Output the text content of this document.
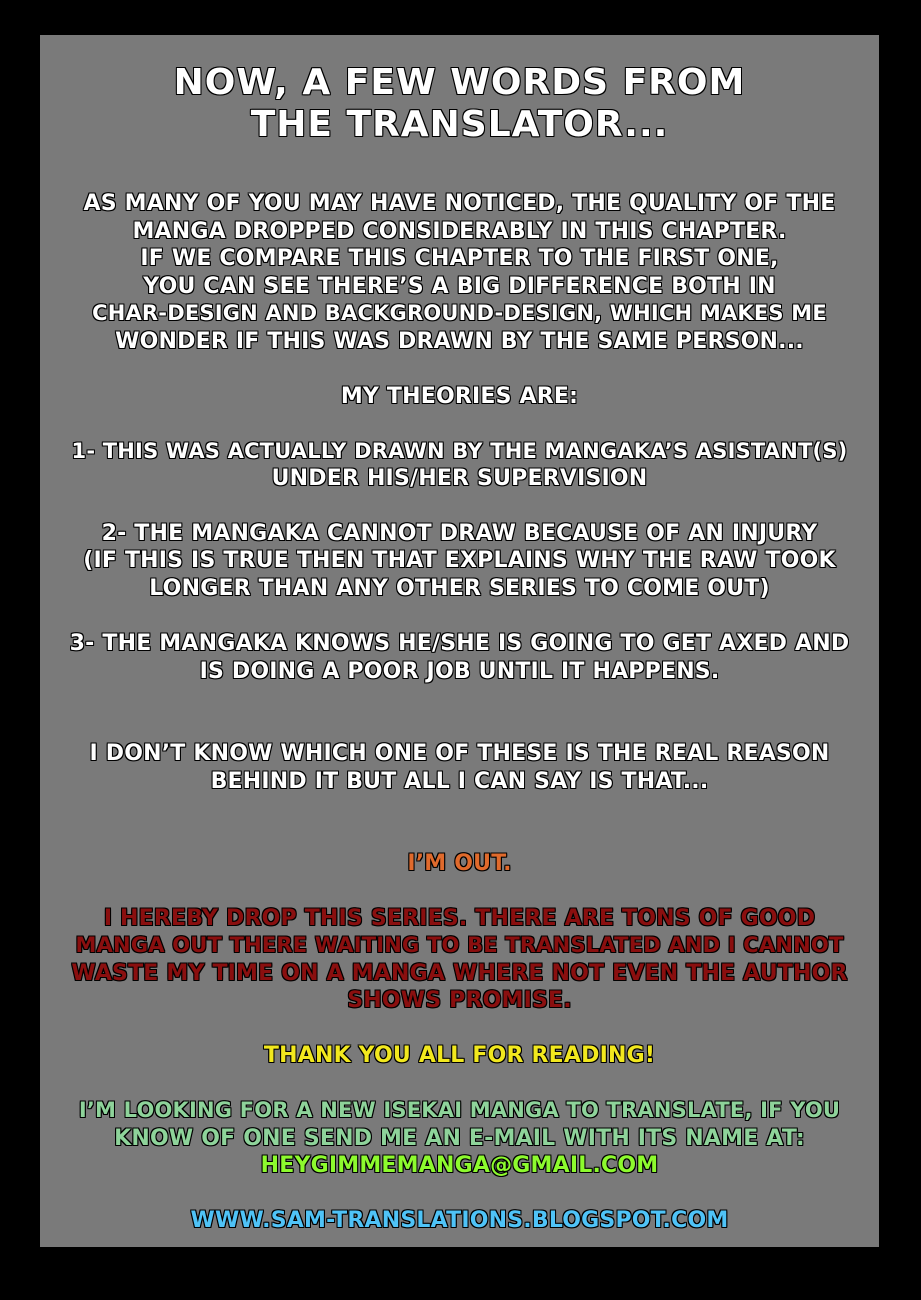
NOW, A FEW WORDS FROM
THE TRANSLATOR...
AS MANY OF YOU MAY HAVE NOTICED, THE QUALITY OF THE
MANGA DROPPED CONSIDERABLY IN THIS CHAPTER.
IF WE COMPARE THIS CHAPTER TO THE FIRST ONE,
YOU CAN SEE THERE’S A BIG DIFFERENCE BOTH IN
CHAR-DESIGN AND BACKGROUND-DESIGN, WHICH MAKES ME
WONDER IF THIS WAS DRAWN BY THE SAME PERSON...
MY THEORIES ARE:
1- THIS WAS ACTUALLY DRAWN BY THE MANGAKA’S ASISTANT(S)
UNDER HIS/HER SUPERVISION
2- THE MANGAKA CANNOT DRAW BECAUSE OF AN INJURY
(IF THIS IS TRUE THEN THAT EXPLAINS WHY THE RAW TOOK
LONGER THAN ANY OTHER SERIES TO COME OUT)
3- THE MANGAKA KNOWS HE/SHE IS GOING TO GET AXED AND
IS DOING A POOR JOB UNTIL IT HAPPENS.
I DON’T KNOW WHICH ONE OF THESE IS THE REAL REASON
BEHIND IT BUT ALL I CAN SAY IS THAT...
I’M OUT.
I HEREBY DROP THIS SERIES. THERE ARE TONS OF GOOD
MANGA OUT THERE WAITING TO BE TRANSLATED AND I CANNOT
WASTE MY TIME ON A MANGA WHERE NOT EVEN THE AUTHOR
SHOWS PROMISE.
THANK YOU ALL FOR READING!
I’M LOOKING FOR A NEW ISEKAI MANGA TO TRANSLATE, IF YOU
KNOW OF ONE SEND ME AN E-MAIL WITH ITS NAME AT:
HEYGIMMEMANGA@GMAIL.COM
WWW.SAM-TRANSLATIONS.BLOGSPOT.COM
